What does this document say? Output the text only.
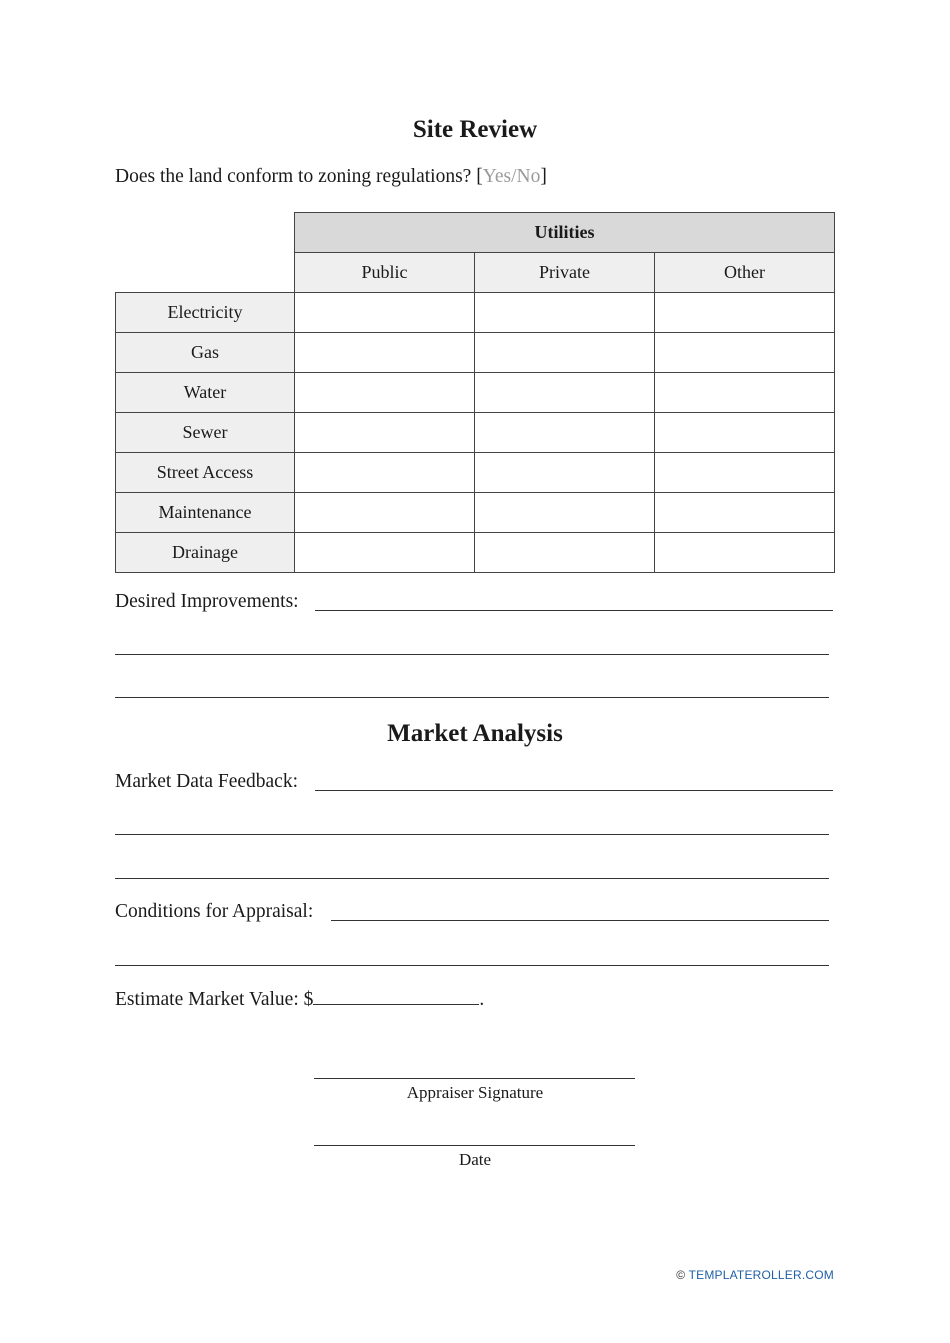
Site Review
Does the land conform to zoning regulations? [Yes/No]
	Utilities		
	Public	Private	Other
Electricity			
Gas			
Water			
Sewer			
Street Access			
Maintenance			
Drainage			
Desired Improvements:
Market Analysis
Market Data Feedback:
Conditions for Appraisal:
Estimate Market Value: $	.
Appraiser Signature
Date
© TEMPLATEROLLER.COM
